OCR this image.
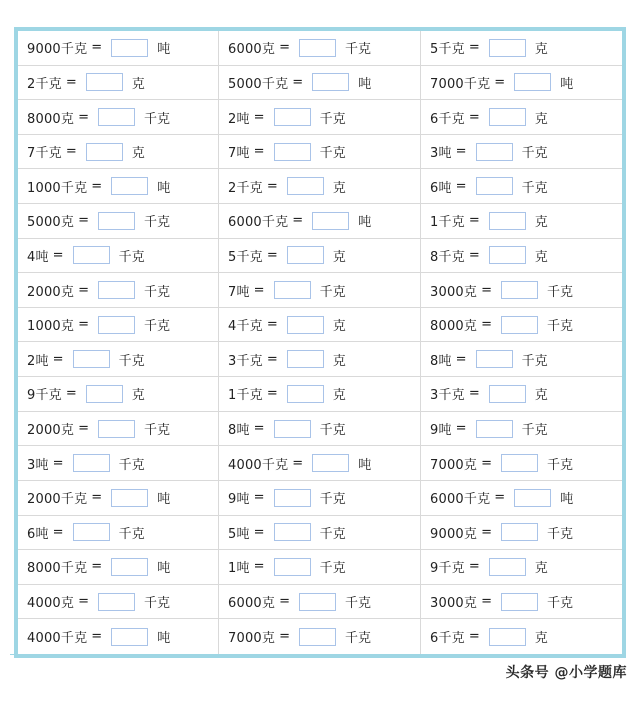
9000千克 =	吨	6000克 =	千克	5千克 =	克
2千克 =	克	5000千克 =	吨	7000千克 =	吨
8000克 =	千克	2吨 =	千克	6千克 =	克
7千克 =	克	7吨 =	千克	3吨 =	千克
1000千克 =	吨	2千克 =	克	6吨 =	千克
5000克 =	千克	6000千克 =	吨	1千克 =	克
4吨 =	千克	5千克 =	克	8千克 =	克
2000克 =	千克	7吨 =	千克	3000克 =	千克
1000克 =	千克	4千克 =	克	8000克 =	千克
2吨 =	千克	3千克 =	克	8吨 =	千克
9千克 =	克	1千克 =	克	3千克 =	克
2000克 =	千克	8吨 =	千克	9吨 =	千克
3吨 =	千克	4000千克 =	吨	7000克 =	千克
2000千克 =	吨	9吨 =	千克	6000千克 =	吨
6吨 =	千克	5吨 =	千克	9000克 =	千克
8000千克 =	吨	1吨 =	千克	9千克 =	克
4000克 =	千克	6000克 =	千克	3000克 =	千克
4000千克 =	吨	7000克 =	千克	6千克 =	克
头条号 @小学题库
